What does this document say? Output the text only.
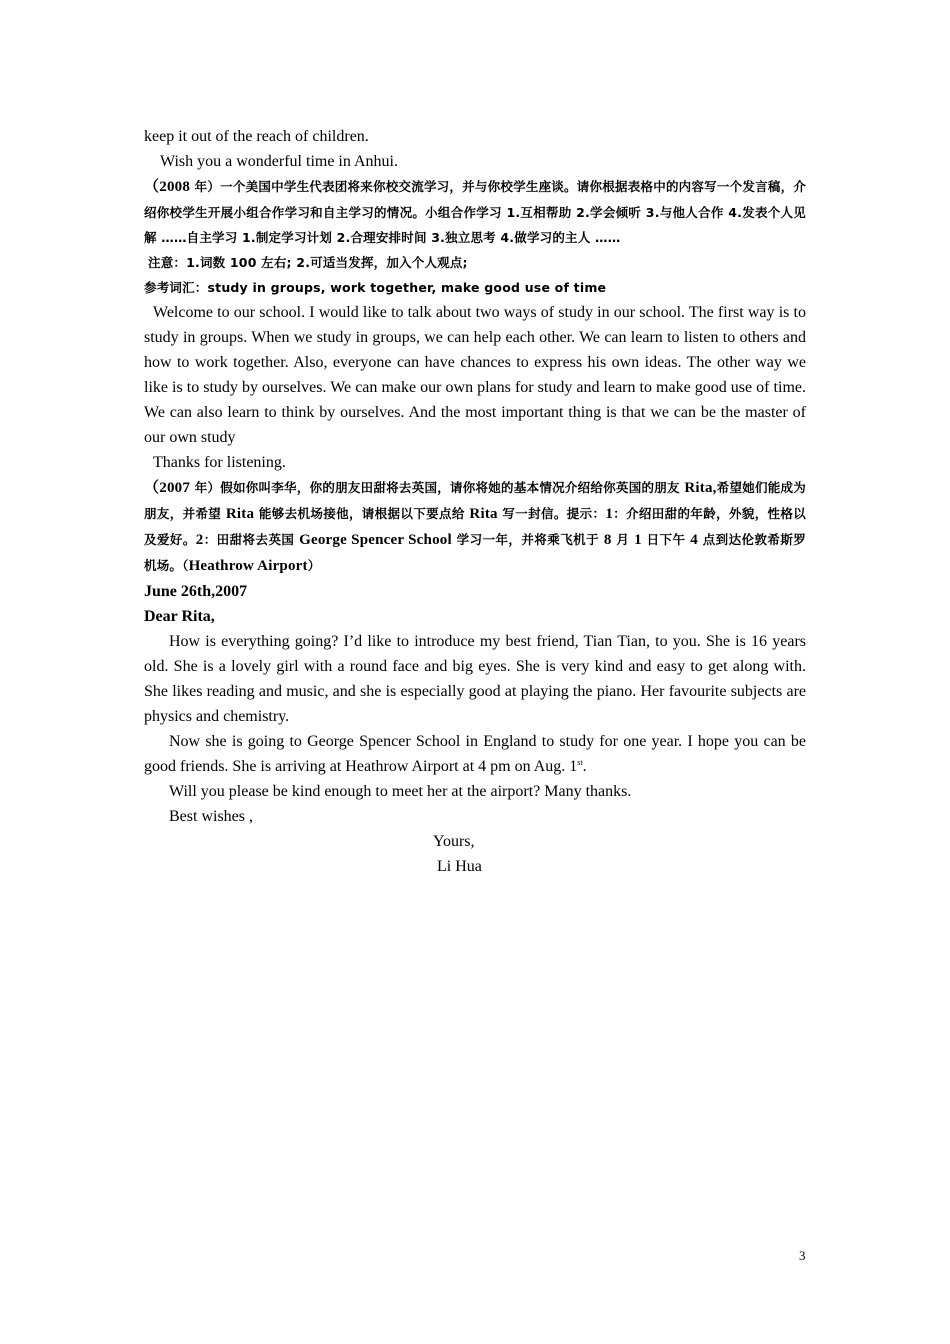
keep it out of the reach of children.

Wish you a wonderful time in Anhui.

（2008 年）一个美国中学生代表团将来你校交流学习，并与你校学生座谈。请你根据表格中的内容写一个发言稿，介绍你校学生开展小组合作学习和自主学习的情况。小组合作学习 1.互相帮助 2.学会倾听 3.与他人合作 4.发表个人见解 ……自主学习 1.制定学习计划 2.合理安排时间 3.独立思考 4.做学习的主人 ……

注意：1.词数 100 左右; 2.可适当发挥，加入个人观点;

参考词汇：study in groups, work together, make good use of time

Welcome to our school. I would like to talk about two ways of study in our school. The first way is to study in groups. When we study in groups, we can help each other. We can learn to listen to others and how to work together. Also, everyone can have chances to express his own ideas. The other way we like is to study by ourselves. We can make our own plans for study and learn to make good use of time. We can also learn to think by ourselves. And the most important thing is that we can be the master of our own study

Thanks for listening.

（2007 年）假如你叫李华，你的朋友田甜将去英国，请你将她的基本情况介绍给你英国的朋友 Rita,希望她们能成为朋友，并希望 Rita 能够去机场接他，请根据以下要点给 Rita 写一封信。提示：1：介绍田甜的年龄，外貌，性格以及爱好。2：田甜将去英国 George Spencer School 学习一年，并将乘飞机于 8 月 1 日下午 4 点到达伦敦希斯罗机场。（Heathrow Airport）

June 26th,2007

Dear Rita,

How is everything going? I’d like to introduce my best friend, Tian Tian, to you. She is 16 years old. She is a lovely girl with a round face and big eyes. She is very kind and easy to get along with. She likes reading and music, and she is especially good at playing the piano. Her favourite subjects are physics and chemistry.

Now she is going to George Spencer School in England to study for one year. I hope you can be good friends. She is arriving at Heathrow Airport at 4 pm on Aug. 1st.

Will you please be kind enough to meet her at the airport? Many thanks.

Best wishes ,

Yours,

Li Hua

3
